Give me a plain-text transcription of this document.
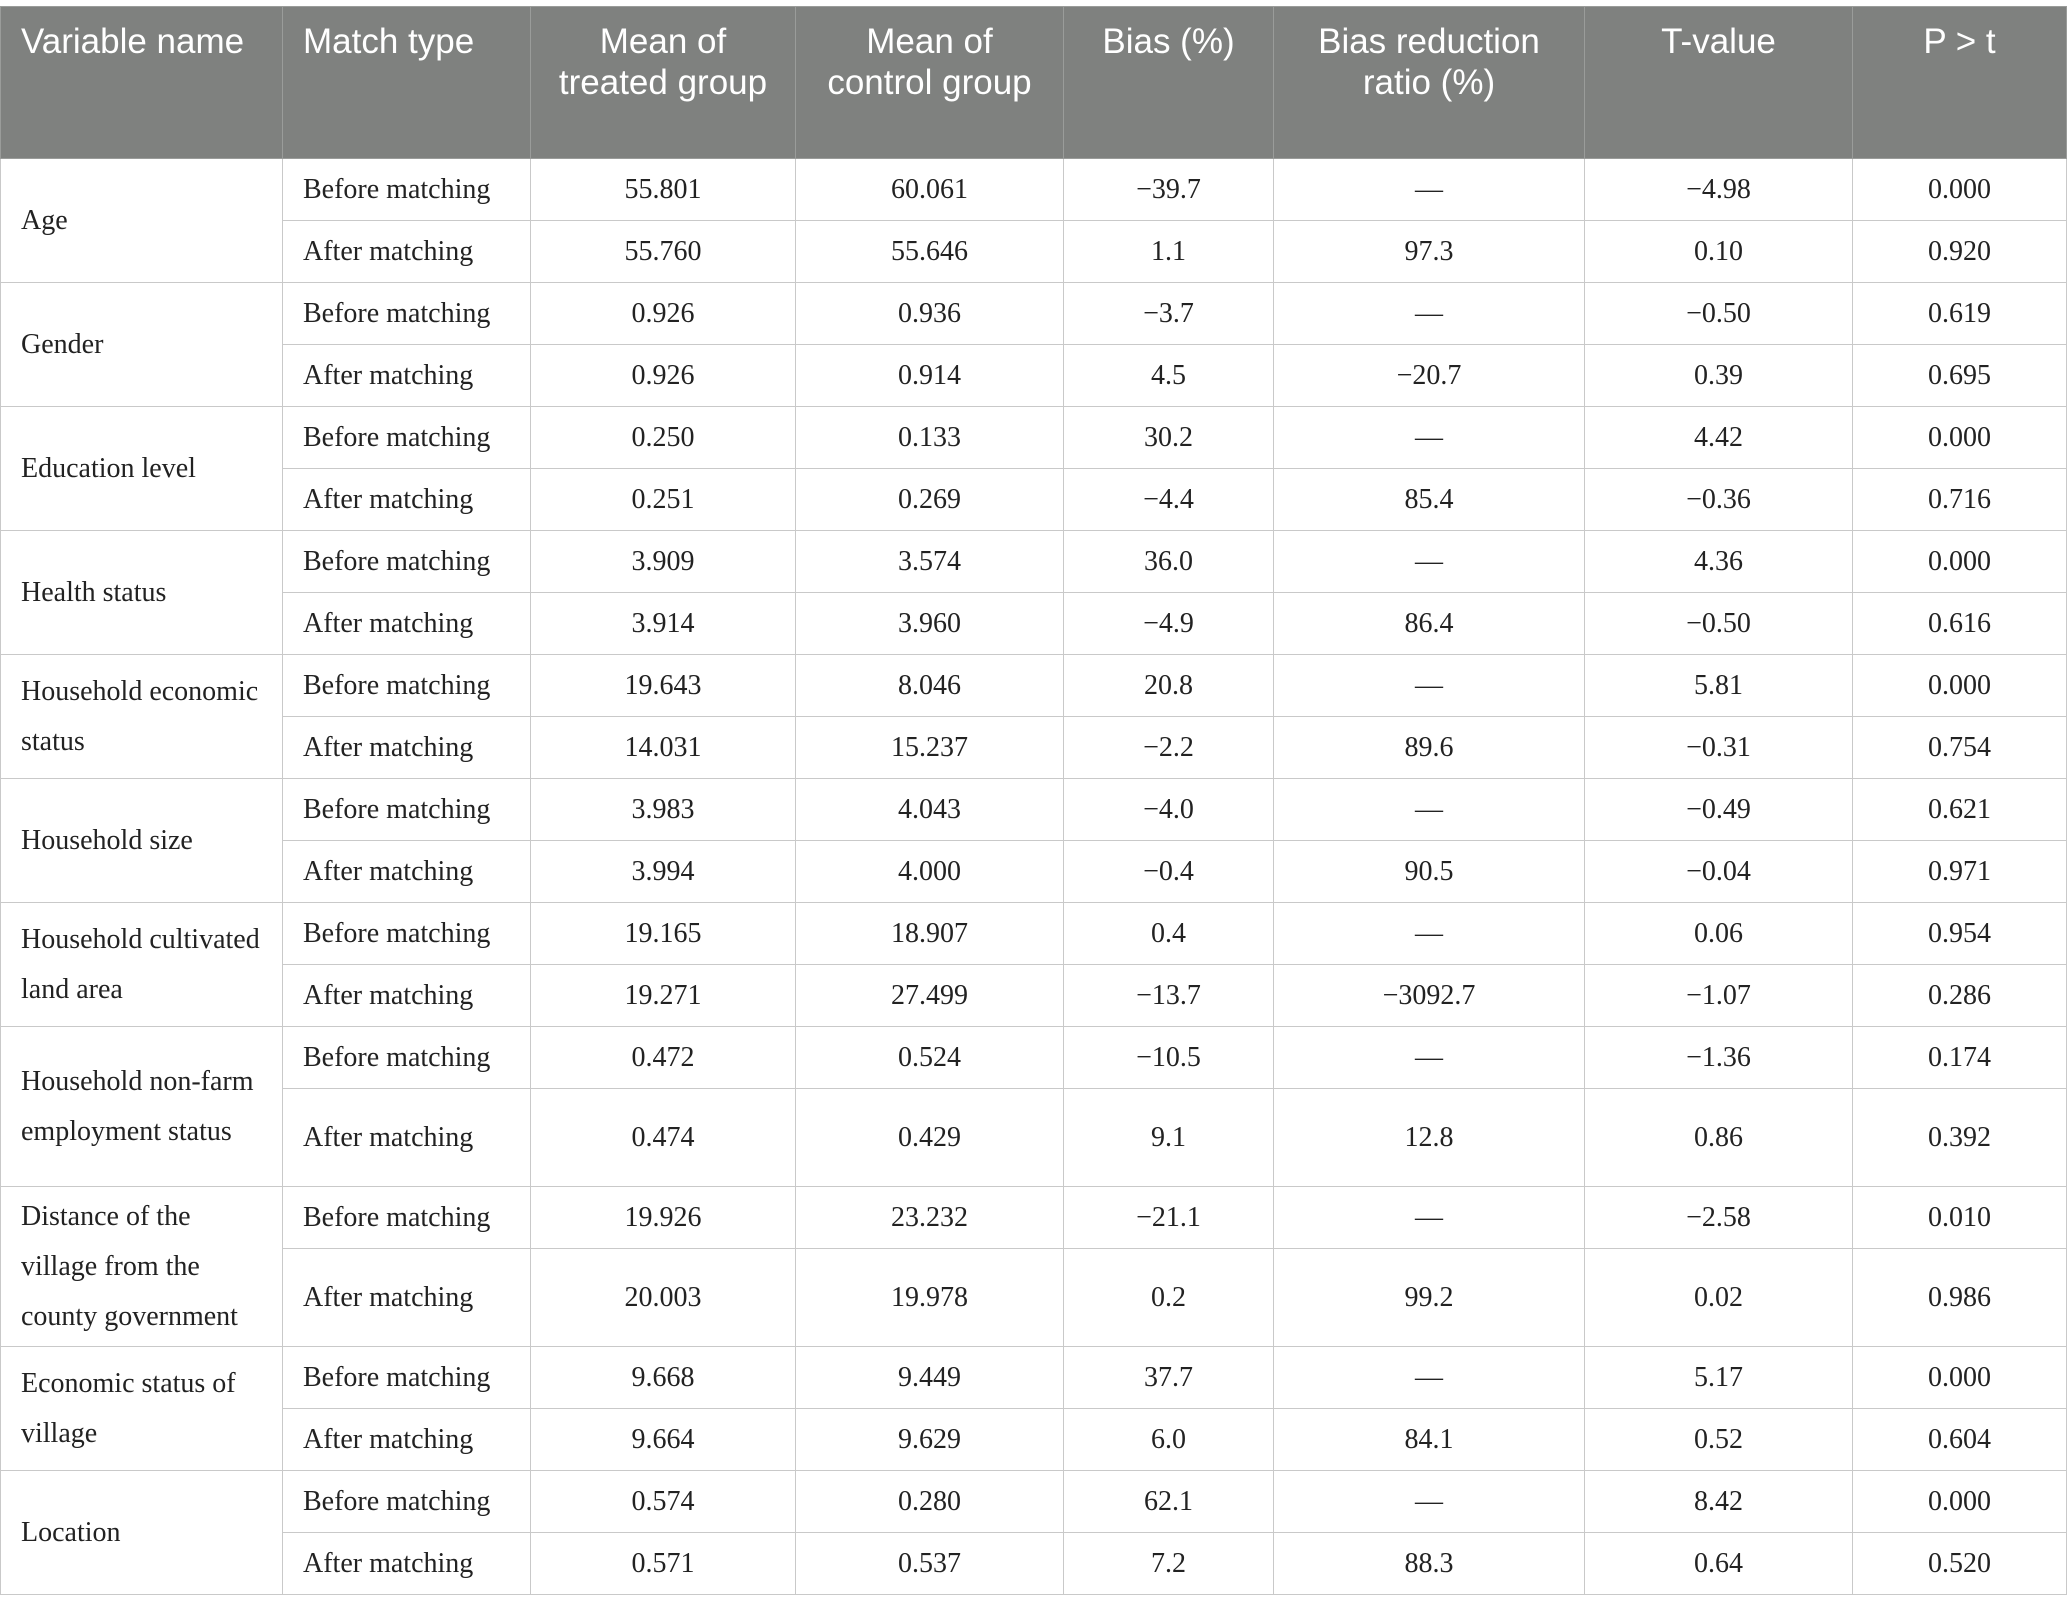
Variable name	Match type	Mean of treated group	Mean of control group	Bias (%)	Bias reduction ratio (%)	T-value	P > t
Age	Before matching	55.801	60.061	−39.7	—	−4.98	0.000
	After matching	55.760	55.646	1.1	97.3	0.10	0.920
Gender	Before matching	0.926	0.936	−3.7	—	−0.50	0.619
	After matching	0.926	0.914	4.5	−20.7	0.39	0.695
Education level	Before matching	0.250	0.133	30.2	—	4.42	0.000
	After matching	0.251	0.269	−4.4	85.4	−0.36	0.716
Health status	Before matching	3.909	3.574	36.0	—	4.36	0.000
	After matching	3.914	3.960	−4.9	86.4	−0.50	0.616
Household economic status	Before matching	19.643	8.046	20.8	—	5.81	0.000
	After matching	14.031	15.237	−2.2	89.6	−0.31	0.754
Household size	Before matching	3.983	4.043	−4.0	—	−0.49	0.621
	After matching	3.994	4.000	−0.4	90.5	−0.04	0.971
Household cultivated land area	Before matching	19.165	18.907	0.4	—	0.06	0.954
	After matching	19.271	27.499	−13.7	−3092.7	−1.07	0.286
Household non-farm employment status	Before matching	0.472	0.524	−10.5	—	−1.36	0.174
	After matching	0.474	0.429	9.1	12.8	0.86	0.392
Distance of the village from the county government	Before matching	19.926	23.232	−21.1	—	−2.58	0.010
	After matching	20.003	19.978	0.2	99.2	0.02	0.986
Economic status of village	Before matching	9.668	9.449	37.7	—	5.17	0.000
	After matching	9.664	9.629	6.0	84.1	0.52	0.604
Location	Before matching	0.574	0.280	62.1	—	8.42	0.000
	After matching	0.571	0.537	7.2	88.3	0.64	0.520
